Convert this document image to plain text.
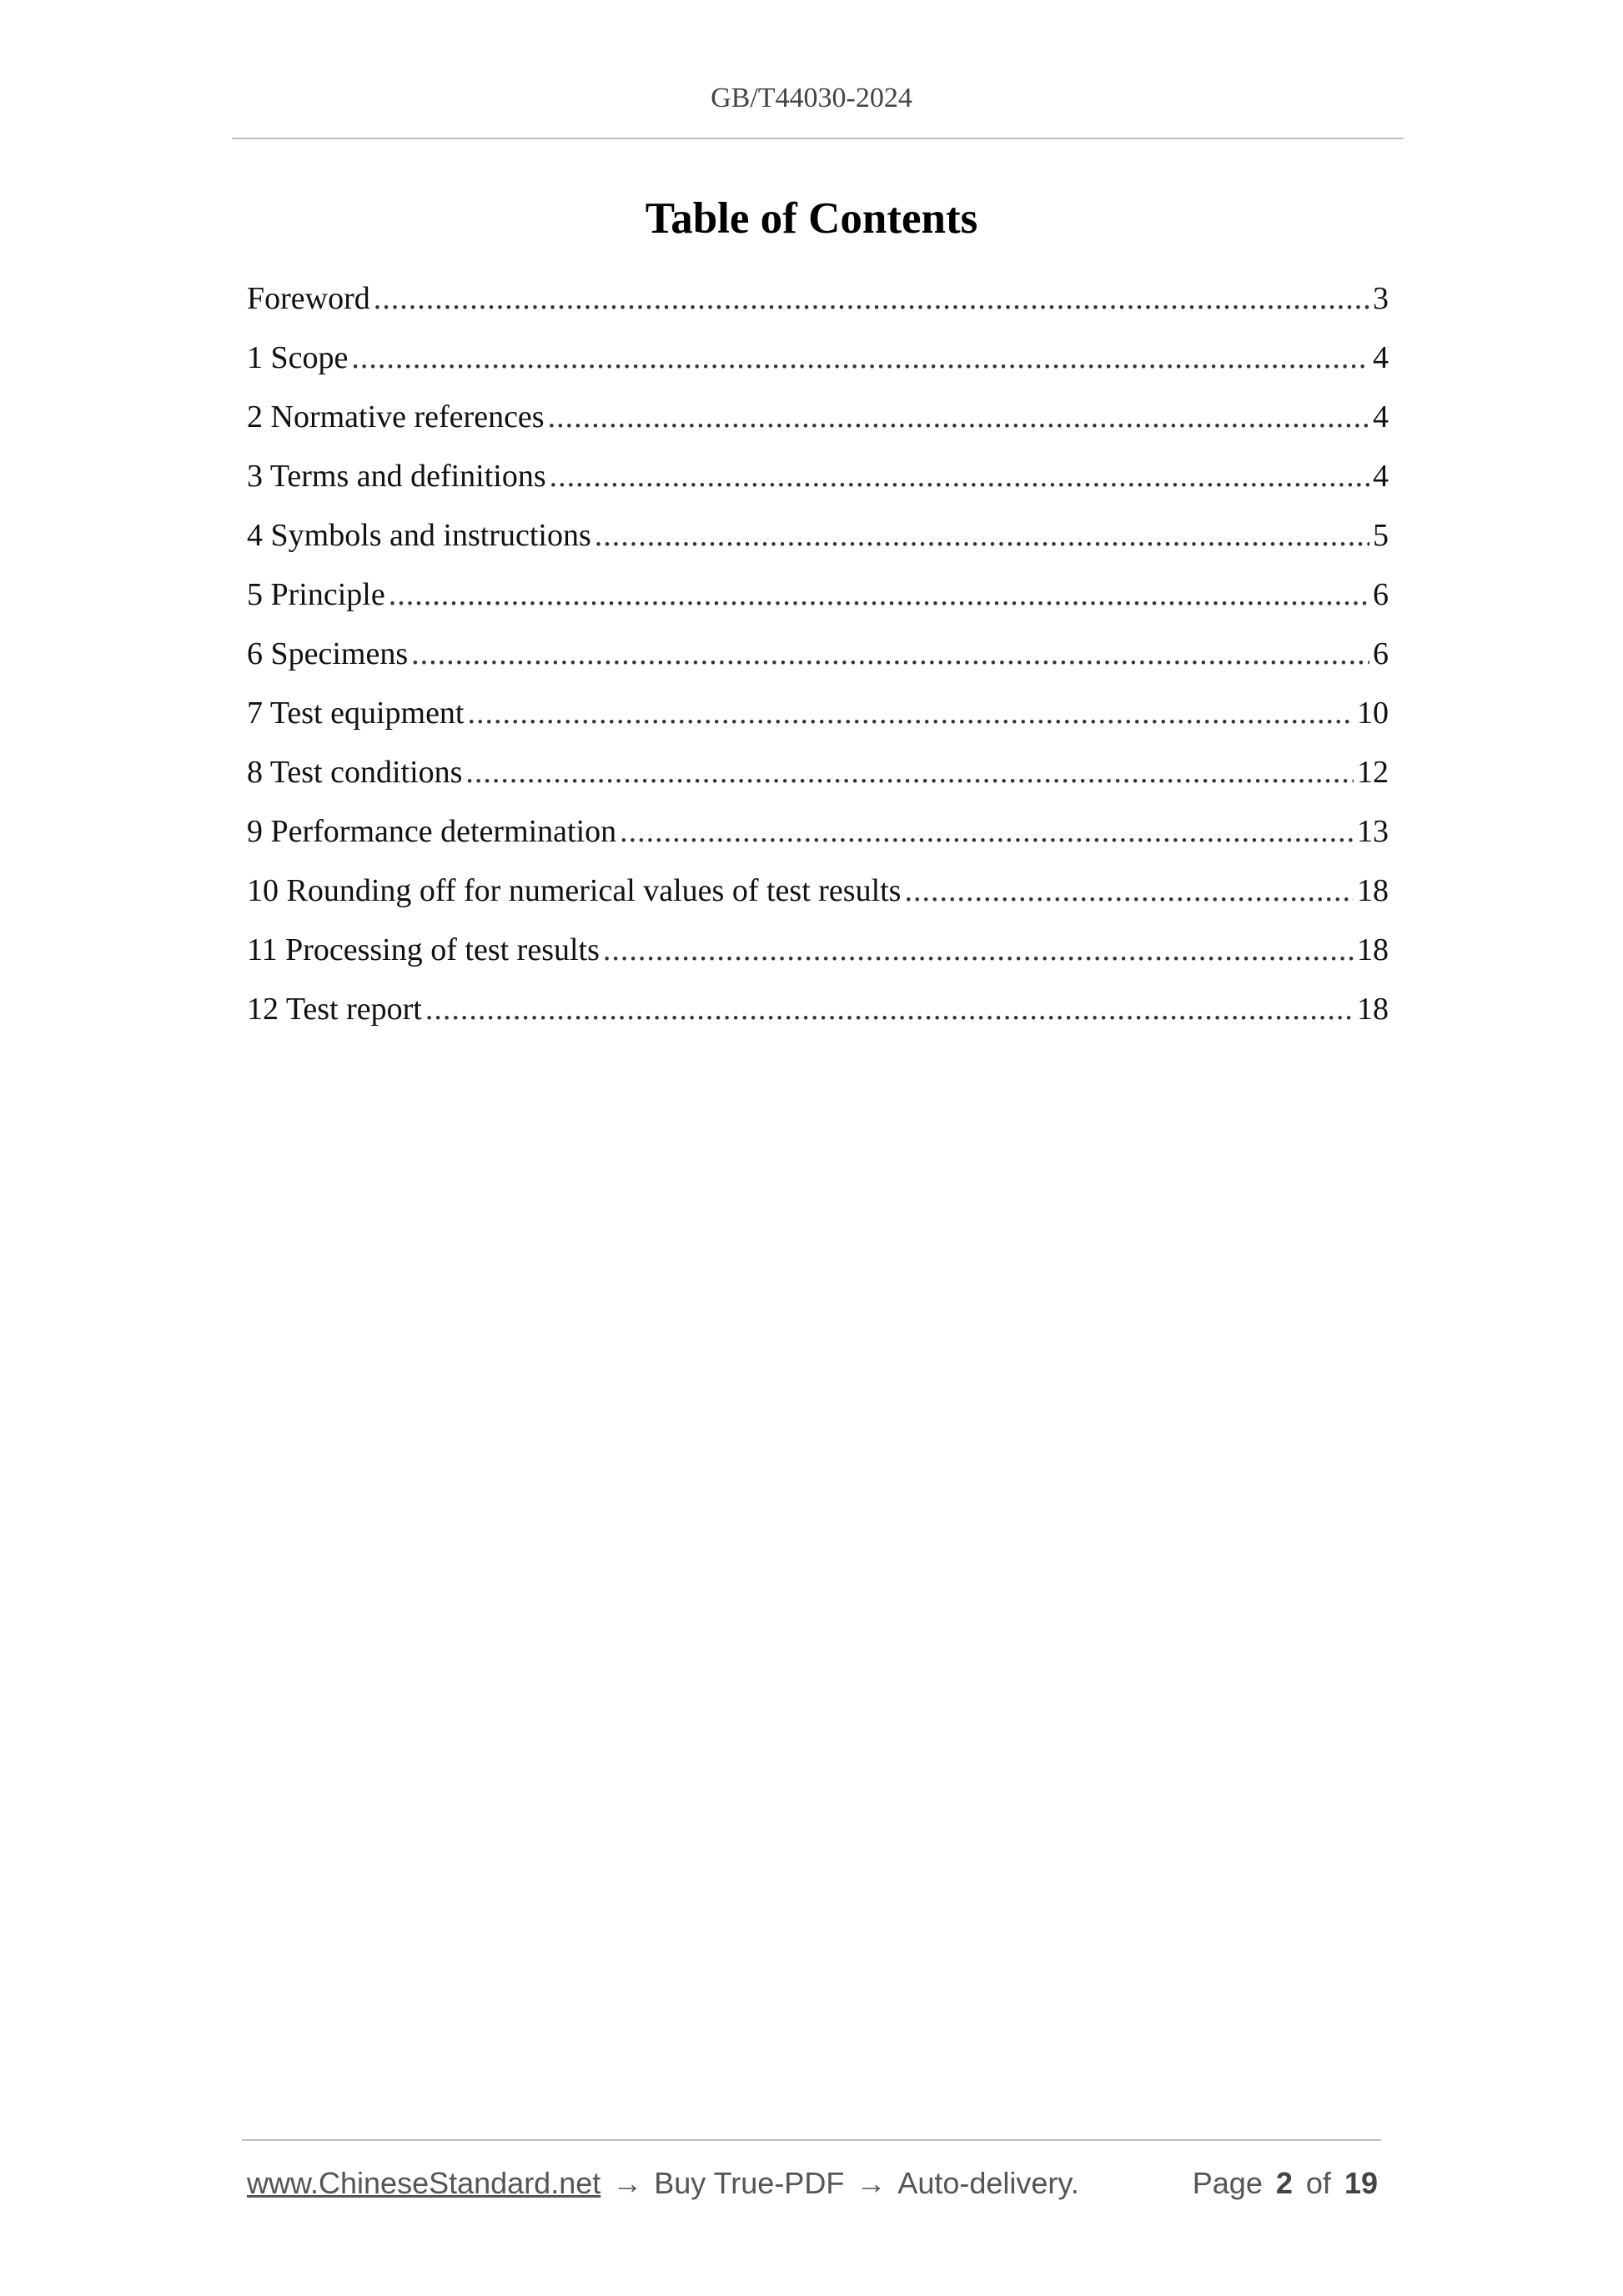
GB/T44030-2024
Table of Contents
Foreword .....	3
1 Scope .....	4
2 Normative references .....	4
3 Terms and definitions .....	4
4 Symbols and instructions .....	5
5 Principle .....	6
6 Specimens .....	6
7 Test equipment .....	10
8 Test conditions .....	12
9 Performance determination .....	13
10 Rounding off for numerical values of test results .....	18
11 Processing of test results .....	18
12 Test report .....	18
www.ChineseStandard.net → Buy True-PDF → Auto-delivery.	Page 2 of 19
